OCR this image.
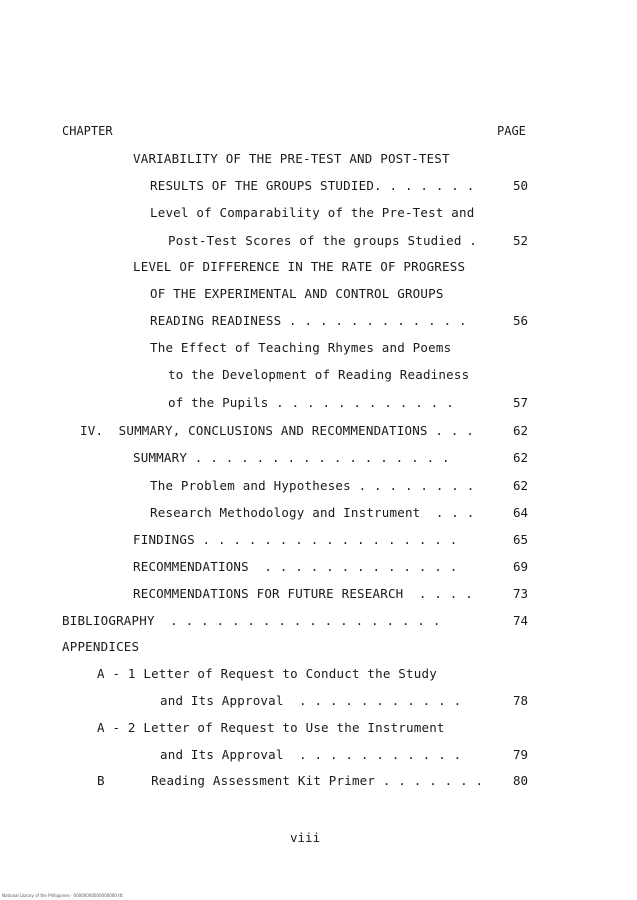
CHAPTER	PAGE
VARIABILITY OF THE PRE-TEST AND POST-TEST
RESULTS OF THE GROUPS STUDIED. . . . . . .	50
Level of Comparability of the Pre-Test and
Post-Test Scores of the groups Studied .	52
LEVEL OF DIFFERENCE IN THE RATE OF PROGRESS
OF THE EXPERIMENTAL AND CONTROL GROUPS
READING READINESS . . . . . . . . . . . .	56
The Effect of Teaching Rhymes and Poems
to the Development of Reading Readiness
of the Pupils . . . . . . . . . . . .	57
IV.  SUMMARY, CONCLUSIONS AND RECOMMENDATIONS . . .	62
SUMMARY . . . . . . . . . . . . . . . . .	62
The Problem and Hypotheses . . . . . . . .	62
Research Methodology and Instrument  . . .	64
FINDINGS . . . . . . . . . . . . . . . . .	65
RECOMMENDATIONS  . . . . . . . . . . . . .	69
RECOMMENDATIONS FOR FUTURE RESEARCH  . . . .	73
BIBLIOGRAPHY  . . . . . . . . . . . . . . . . . .	74
APPENDICES
A - 1 Letter of Request to Conduct the Study
and Its Approval  . . . . . . . . . . .	78
A - 2 Letter of Request to Use the Instrument
and Its Approval  . . . . . . . . . . .	79
B      Reading Assessment Kit Primer . . . . . . . 80
viii
National Library of the Philippines · 00000000000000000 ttt
